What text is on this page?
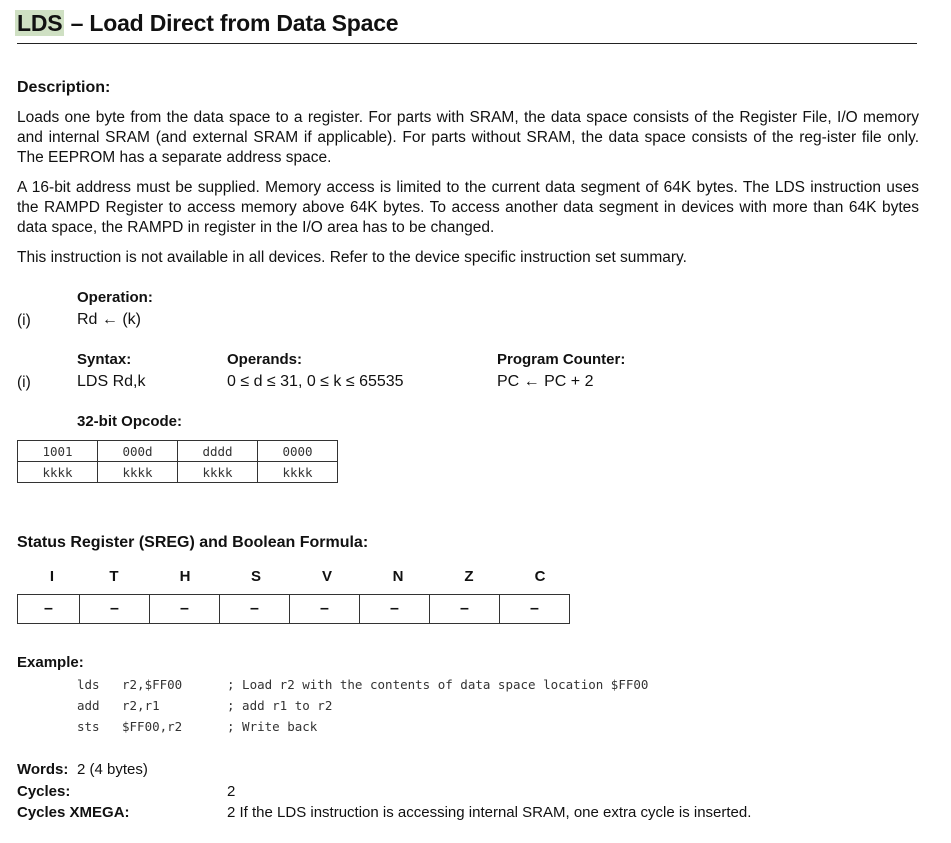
LDS – Load Direct from Data Space
Description:
Loads one byte from the data space to a register. For parts with SRAM, the data space consists of the Register File, I/O memory and internal SRAM (and external SRAM if applicable). For parts without SRAM, the data space consists of the reg-ister file only. The EEPROM has a separate address space.
A 16-bit address must be supplied. Memory access is limited to the current data segment of 64K bytes. The LDS instruction uses the RAMPD Register to access memory above 64K bytes. To access another data segment in devices with more than 64K bytes data space, the RAMPD in register in the I/O area has to be changed.
This instruction is not available in all devices. Refer to the device specific instruction set summary.
Operation:
(i)	Rd ← (k)
Syntax:	Operands:	Program Counter:
(i)	LDS Rd,k	0 ≤ d ≤ 31, 0 ≤ k ≤ 65535	PC ← PC + 2
32-bit Opcode:
1001	000d	dddd	0000
kkkk	kkkk	kkkk	kkkk
Status Register (SREG) and Boolean Formula:
I	T	H	S	V	N	Z	C
–	–	–	–	–	–	–	–
Example:
lds r2,$FF00	; Load r2 with the contents of data space location $FF00
add r2,r1	; add r1 to r2
sts $FF00,r2	; Write back
Words: 2 (4 bytes)
Cycles:	2
Cycles XMEGA:	2 If the LDS instruction is accessing internal SRAM, one extra cycle is inserted.
